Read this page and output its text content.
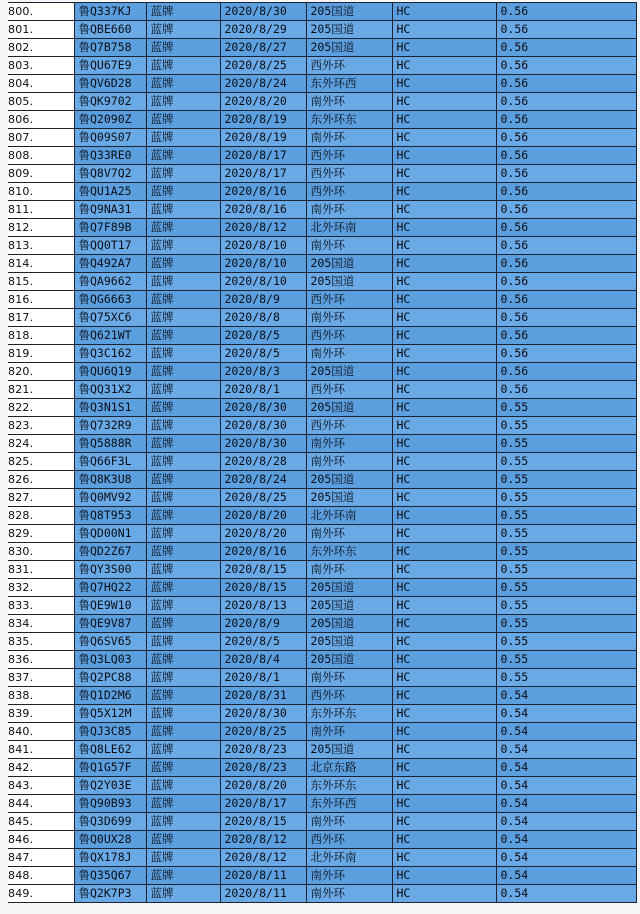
800.	鲁Q337KJ	蓝牌	2020/8/30	205国道	HC	0.56
801.	鲁QBE660	蓝牌	2020/8/29	205国道	HC	0.56
802.	鲁Q7B758	蓝牌	2020/8/27	205国道	HC	0.56
803.	鲁QU67E9	蓝牌	2020/8/25	西外环	HC	0.56
804.	鲁QV6D28	蓝牌	2020/8/24	东外环西	HC	0.56
805.	鲁QK9702	蓝牌	2020/8/20	南外环	HC	0.56
806.	鲁Q2090Z	蓝牌	2020/8/19	东外环东	HC	0.56
807.	鲁Q09S07	蓝牌	2020/8/19	南外环	HC	0.56
808.	鲁Q33RE0	蓝牌	2020/8/17	西外环	HC	0.56
809.	鲁Q8V7Q2	蓝牌	2020/8/17	西外环	HC	0.56
810.	鲁QU1A25	蓝牌	2020/8/16	西外环	HC	0.56
811.	鲁Q9NA31	蓝牌	2020/8/16	南外环	HC	0.56
812.	鲁Q7F89B	蓝牌	2020/8/12	北外环南	HC	0.56
813.	鲁QQ0T17	蓝牌	2020/8/10	南外环	HC	0.56
814.	鲁Q492A7	蓝牌	2020/8/10	205国道	HC	0.56
815.	鲁QA9662	蓝牌	2020/8/10	205国道	HC	0.56
816.	鲁QG6663	蓝牌	2020/8/9	西外环	HC	0.56
817.	鲁Q75XC6	蓝牌	2020/8/8	南外环	HC	0.56
818.	鲁Q621WT	蓝牌	2020/8/5	西外环	HC	0.56
819.	鲁Q3C162	蓝牌	2020/8/5	南外环	HC	0.56
820.	鲁QU6Q19	蓝牌	2020/8/3	205国道	HC	0.56
821.	鲁QQ31X2	蓝牌	2020/8/1	西外环	HC	0.56
822.	鲁Q3N1S1	蓝牌	2020/8/30	205国道	HC	0.55
823.	鲁Q732R9	蓝牌	2020/8/30	西外环	HC	0.55
824.	鲁Q5888R	蓝牌	2020/8/30	南外环	HC	0.55
825.	鲁Q66F3L	蓝牌	2020/8/28	南外环	HC	0.55
826.	鲁Q8K3U8	蓝牌	2020/8/24	205国道	HC	0.55
827.	鲁Q0MV92	蓝牌	2020/8/25	205国道	HC	0.55
828.	鲁Q8T953	蓝牌	2020/8/20	北外环南	HC	0.55
829.	鲁QD00N1	蓝牌	2020/8/20	南外环	HC	0.55
830.	鲁QD2Z67	蓝牌	2020/8/16	东外环东	HC	0.55
831.	鲁QY3S00	蓝牌	2020/8/15	南外环	HC	0.55
832.	鲁Q7HQ22	蓝牌	2020/8/15	205国道	HC	0.55
833.	鲁QE9W10	蓝牌	2020/8/13	205国道	HC	0.55
834.	鲁QE9V87	蓝牌	2020/8/9	205国道	HC	0.55
835.	鲁Q6SV65	蓝牌	2020/8/5	205国道	HC	0.55
836.	鲁Q3LQ03	蓝牌	2020/8/4	205国道	HC	0.55
837.	鲁Q2PC88	蓝牌	2020/8/1	南外环	HC	0.55
838.	鲁Q1D2M6	蓝牌	2020/8/31	西外环	HC	0.54
839.	鲁Q5X12M	蓝牌	2020/8/30	东外环东	HC	0.54
840.	鲁QJ3C85	蓝牌	2020/8/25	南外环	HC	0.54
841.	鲁Q8LE62	蓝牌	2020/8/23	205国道	HC	0.54
842.	鲁Q1G57F	蓝牌	2020/8/23	北京东路	HC	0.54
843.	鲁Q2Y03E	蓝牌	2020/8/20	东外环东	HC	0.54
844.	鲁Q90B93	蓝牌	2020/8/17	东外环西	HC	0.54
845.	鲁Q3D699	蓝牌	2020/8/15	南外环	HC	0.54
846.	鲁Q0UX28	蓝牌	2020/8/12	西外环	HC	0.54
847.	鲁QX178J	蓝牌	2020/8/12	北外环南	HC	0.54
848.	鲁Q35Q67	蓝牌	2020/8/11	南外环	HC	0.54
849.	鲁Q2K7P3	蓝牌	2020/8/11	南外环	HC	0.54
